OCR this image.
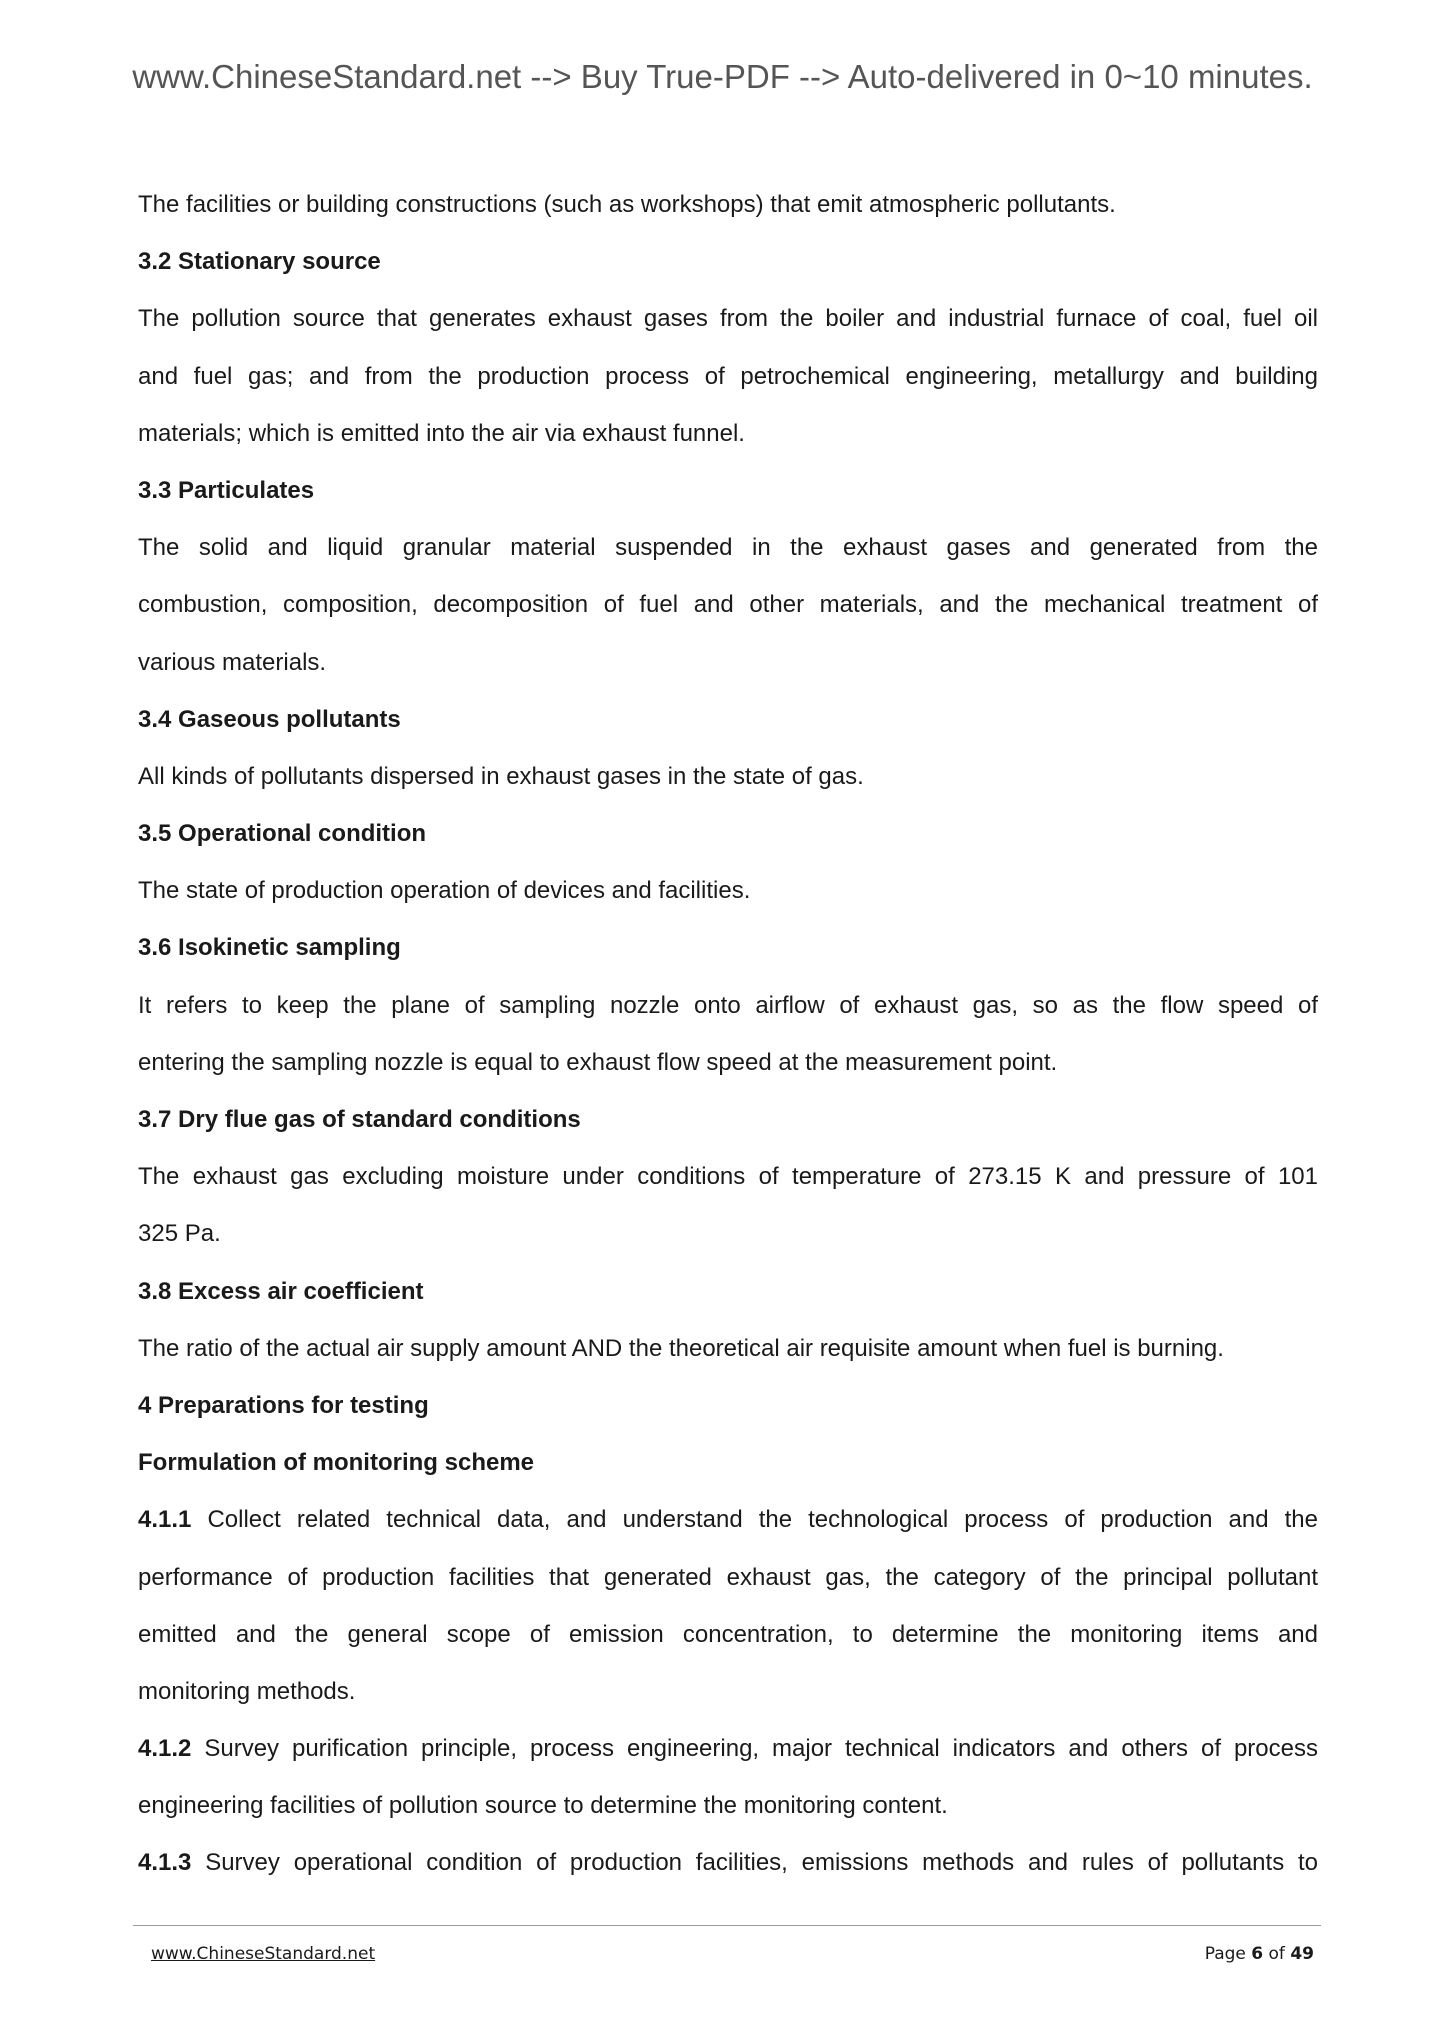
www.ChineseStandard.net --> Buy True-PDF --> Auto-delivered in 0~10 minutes.
The facilities or building constructions (such as workshops) that emit atmospheric pollutants.
3.2 Stationary source
The pollution source that generates exhaust gases from the boiler and industrial furnace of coal, fuel oil
and fuel gas; and from the production process of petrochemical engineering, metallurgy and building
materials; which is emitted into the air via exhaust funnel.
3.3 Particulates
The solid and liquid granular material suspended in the exhaust gases and generated from the
combustion, composition, decomposition of fuel and other materials, and the mechanical treatment of
various materials.
3.4 Gaseous pollutants
All kinds of pollutants dispersed in exhaust gases in the state of gas.
3.5 Operational condition
The state of production operation of devices and facilities.
3.6 Isokinetic sampling
It refers to keep the plane of sampling nozzle onto airflow of exhaust gas, so as the flow speed of
entering the sampling nozzle is equal to exhaust flow speed at the measurement point.
3.7 Dry flue gas of standard conditions
The exhaust gas excluding moisture under conditions of temperature of 273.15 K and pressure of 101
325 Pa.
3.8 Excess air coefficient
The ratio of the actual air supply amount AND the theoretical air requisite amount when fuel is burning.
4 Preparations for testing
Formulation of monitoring scheme
4.1.1 Collect related technical data, and understand the technological process of production and the
performance of production facilities that generated exhaust gas, the category of the principal pollutant
emitted and the general scope of emission concentration, to determine the monitoring items and
monitoring methods.
4.1.2 Survey purification principle, process engineering, major technical indicators and others of process
engineering facilities of pollution source to determine the monitoring content.
4.1.3 Survey operational condition of production facilities, emissions methods and rules of pollutants to
www.ChineseStandard.net	Page 6 of 49
